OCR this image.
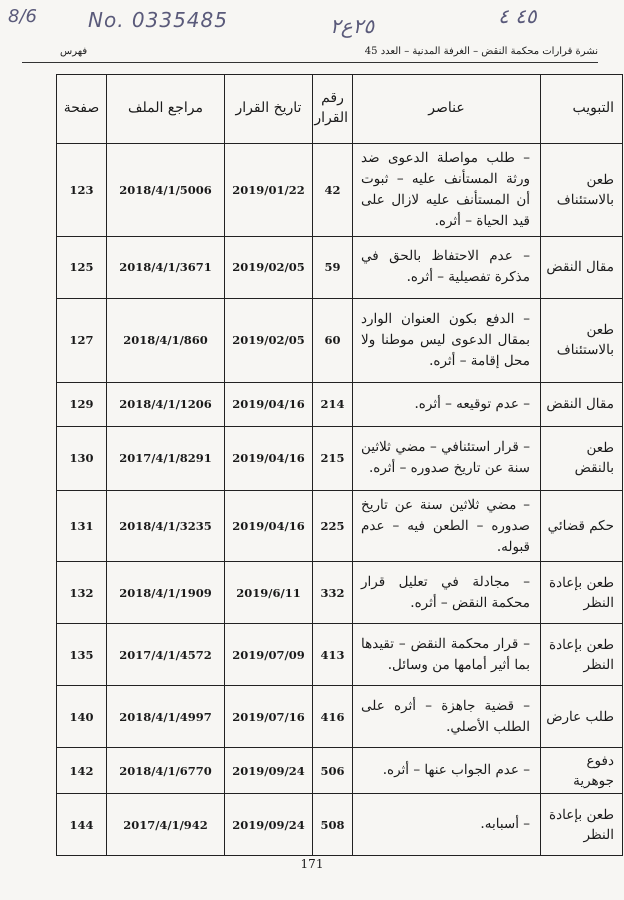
8/6	No. 0335485	٢٥ع٢	٤٥ ٤
نشرة قرارات محكمة النقض – الغرفة المدنية – العدد 45
فهرس
التبويب	عناصر	رقم القرار	تاريخ القرار	مراجع الملف	صفحة
طعن بالاستئناف	– طلب مواصلة الدعوى ضد ورثة المستأنف عليه – ثبوت أن المستأنف عليه لازال على قيد الحياة – أثره.	42	2019/01/22	2018/4/1/5006	123
مقال النقض	– عدم الاحتفاظ بالحق في مذكرة تفصيلية – أثره.	59	2019/02/05	2018/4/1/3671	125
طعن بالاستئناف	– الدفع بكون العنوان الوارد بمقال الدعوى ليس موطنا ولا محل إقامة – أثره.	60	2019/02/05	2018/4/1/860	127
مقال النقض	– عدم توقيعه – أثره.	214	2019/04/16	2018/4/1/1206	129
طعن بالنقض	– قرار استئنافي – مضي ثلاثين سنة عن تاريخ صدوره – أثره.	215	2019/04/16	2017/4/1/8291	130
حكم قضائي	– مضي ثلاثين سنة عن تاريخ صدوره – الطعن فيه – عدم قبوله.	225	2019/04/16	2018/4/1/3235	131
طعن بإعادة النظر	– مجادلة في تعليل قرار محكمة النقض – أثره.	332	2019/6/11	2018/4/1/1909	132
طعن بإعادة النظر	– قرار محكمة النقض – تقيدها بما أثير أمامها من وسائل.	413	2019/07/09	2017/4/1/4572	135
طلب عارض	– قضية جاهزة – أثره على الطلب الأصلي.	416	2019/07/16	2018/4/1/4997	140
دفوع جوهرية	– عدم الجواب عنها – أثره.	506	2019/09/24	2018/4/1/6770	142
طعن بإعادة النظر	– أسبابه.	508	2019/09/24	2017/4/1/942	144
171
